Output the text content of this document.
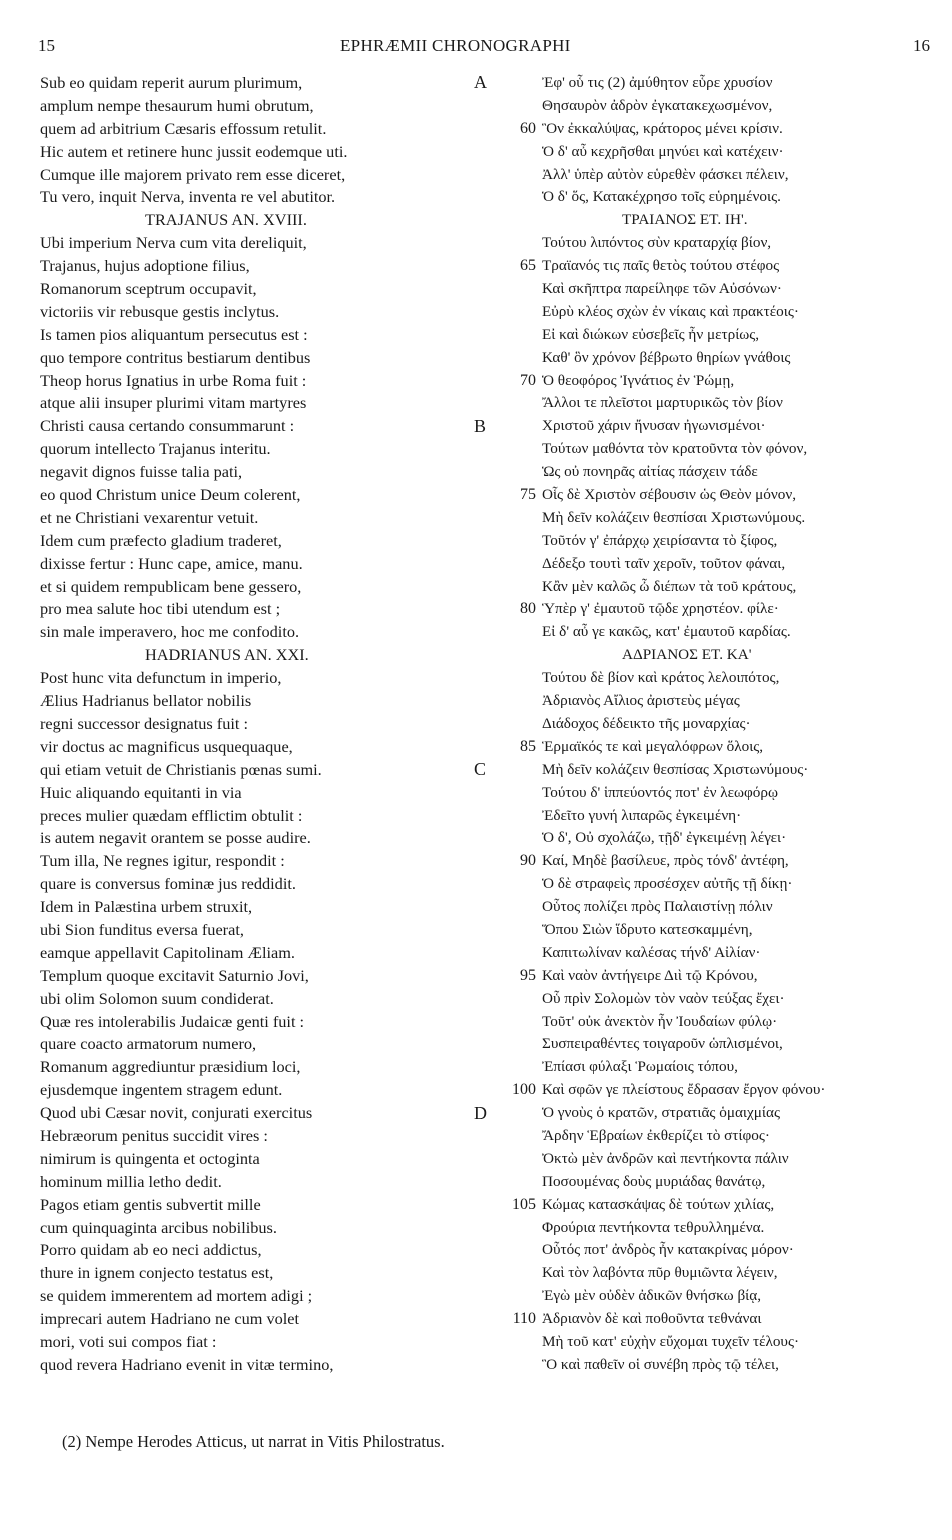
15	EPHRÆMII CHRONOGRAPHI	16
Sub eo quidam reperit aurum plurimum,
amplum nempe thesaurum humi obrutum,
quem ad arbitrium Cæsaris effossum retulit.
Hic autem et retinere hunc jussit eodemque uti.
Cumque ille majorem privato rem esse diceret,
Tu vero, inquit Nerva, inventa re vel abutitor.
TRAJANUS AN. XVIII.
Ubi imperium Nerva cum vita dereliquit,
Trajanus, hujus adoptione filius,
Romanorum sceptrum occupavit,
victoriis vir rebusque gestis inclytus.
Is tamen pios aliquantum persecutus est :
quo tempore contritus bestiarum dentibus
Theop horus Ignatius in urbe Roma fuit :
atque alii insuper plurimi vitam martyres
Christi causa certando consummarunt :
quorum intellecto Trajanus interitu.
negavit dignos fuisse talia pati,
eo quod Christum unice Deum colerent,
et ne Christiani vexarentur vetuit.
Idem cum præfecto gladium traderet,
dixisse fertur : Hunc cape, amice, manu.
et si quidem rempublicam bene gessero,
pro mea salute hoc tibi utendum est ;
sin male imperavero, hoc me confodito.
HADRIANUS AN. XXI.
Post hunc vita defunctum in imperio,
Ælius Hadrianus bellator nobilis
regni successor designatus fuit :
vir doctus ac magnificus usquequaque,
qui etiam vetuit de Christianis pœnas sumi.
Huic aliquando equitanti in via
preces mulier quædam efflictim obtulit :
is autem negavit orantem se posse audire.
Tum illa, Ne regnes igitur, respondit :
quare is conversus fominæ jus reddidit.
Idem in Palæstina urbem struxit,
ubi Sion funditus eversa fuerat,
eamque appellavit Capitolinam Æliam.
Templum quoque excitavit Saturnio Jovi,
ubi olim Solomon suum condiderat.
Quæ res intolerabilis Judaicæ genti fuit :
quare coacto armatorum numero,
Romanum aggrediuntur præsidium loci,
ejusdemque ingentem stragem edunt.
Quod ubi Cæsar novit, conjurati exercitus
Hebræorum penitus succidit vires :
nimirum is quingenta et octoginta
hominum millia letho dedit.
Pagos etiam gentis subvertit mille
cum quinquaginta arcibus nobilibus.
Porro quidam ab eo neci addictus,
thure in ignem conjecto testatus est,
se quidem immerentem ad mortem adigi ;
imprecari autem Hadriano ne cum volet
mori, voti sui compos fiat :
quod revera Hadriano evenit in vitæ termino,
Ἐφ' οὗ τις (2) ἀμύθητον εὗρε χρυσίον
Θησαυρὸν ἀδρὸν ἐγκατακεχωσμένον,
Ὃν ἐκκαλύψας, κράτορος μένει κρίσιν.
60
Ὁ δ' αὖ κεχρῆσθαι μηνύει καὶ κατέχειν·
Ἀλλ' ὑπὲρ αὐτὸν εὑρεθὲν φάσκει πέλειν,
Ὁ δ' ὅς, Κατακέχρησο τοῖς εὑρημένοις.
ΤΡΑΙΑΝΟΣ ΕΤ. ΙΗ'.
Τούτου λιπόντος σὺν κραταρχίᾳ βίον,
Τραϊανός τις παῖς θετὸς τούτου στέφος
65
Καὶ σκῆπτρα παρείληφε τῶν Αὐσόνων·
Εὐρὺ κλέος σχὼν ἐν νίκαις καὶ πρακτέοις·
Εἰ καὶ διώκων εὐσεβεῖς ἦν μετρίως,
Καθ' ὃν χρόνον βέβρωτο θηρίων γνάθοις
Ὁ θεοφόρος Ἰγνάτιος ἐν Ῥώμῃ,
70
Ἄλλοι τε πλεῖστοι μαρτυρικῶς τὸν βίον
Χριστοῦ χάριν ἤνυσαν ἠγωνισμένοι·
Τούτων μαθόντα τὸν κρατοῦντα τὸν φόνον,
Ὡς οὐ πονηρᾶς αἰτίας πάσχειν τάδε
Οἷς δὲ Χριστὸν σέβουσιν ὡς Θεὸν μόνον,
75
Μὴ δεῖν κολάζειν θεσπίσαι Χριστωνύμους.
Τοῦτόν γ' ἐπάρχῳ χειρίσαντα τὸ ξίφος,
Δέδεξο τουτὶ ταῖν χεροῖν, τοῦτον φάναι,
Κἂν μὲν καλῶς ὦ διέπων τὰ τοῦ κράτους,
Ὑπὲρ γ' ἐμαυτοῦ τῷδε χρηστέον. φίλε·
80
Εἰ δ' αὖ γε κακῶς, κατ' ἐμαυτοῦ καρδίας.
ΑΔΡΙΑΝΟΣ ΕΤ. ΚΑ'
Τούτου δὲ βίον καὶ κράτος λελοιπότος,
Ἀδριανὸς Αἴλιος ἀριστεὺς μέγας
Διάδοχος δέδεικτο τῆς μοναρχίας·
Ἑρμαϊκός τε καὶ μεγαλόφρων ὅλοις,
85
Μὴ δεῖν κολάζειν θεσπίσας Χριστωνύμους·
Τούτου δ' ἱππεύοντός ποτ' ἐν λεωφόρῳ
Ἐδεῖτο γυνή λιπαρῶς ἐγκειμένη·
Ὁ δ', Οὐ σχολάζω, τῇδ' ἐγκειμένῃ λέγει·
Καί, Μηδὲ βασίλευε, πρὸς τόνδ' ἀντέφη,
90
Ὁ δὲ στραφεὶς προσέσχεν αὐτῆς τῇ δίκῃ·
Οὗτος πολίζει πρὸς Παλαιστίνῃ πόλιν
Ὅπου Σιὼν ἵδρυτο κατεσκαμμένη,
Καπιτωλίναν καλέσας τήνδ' Αἰλίαν·
Καὶ ναὸν ἀντήγειρε Διὶ τῷ Κρόνου,
95
Οὗ πρὶν Σολομὼν τὸν ναὸν τεύξας ἔχει·
Τοῦτ' οὐκ ἀνεκτὸν ἦν Ἰουδαίων φύλῳ·
Συσπειραθέντες τοιγαροῦν ὡπλισμένοι,
Ἐπίασι φύλαξι Ῥωμαίοις τόπου,
Καὶ σφῶν γε πλείστους ἔδρασαν ἔργον φόνου·
100
Ὁ γνοὺς ὁ κρατῶν, στρατιᾶς ὁμαιχμίας
Ἄρδην Ἑβραίων ἐκθερίζει τὸ στίφος·
Ὀκτὼ μὲν ἀνδρῶν καὶ πεντήκοντα πάλιν
Ποσουμένας δοὺς μυριάδας θανάτῳ,
Κώμας κατασκάψας δὲ τούτων χιλίας,
105
Φρούρια πεντήκοντα τεθρυλλημένα.
Οὗτός ποτ' ἀνδρὸς ἦν κατακρίνας μόρον·
Καὶ τὸν λαβόντα πῦρ θυμιῶντα λέγειν,
Ἐγὼ μὲν οὐδὲν ἀδικῶν θνήσκω βίᾳ,
Ἀδριανὸν δὲ καὶ ποθοῦντα τεθνάναι
110
Μὴ τοῦ κατ' εὐχὴν εὔχομαι τυχεῖν τέλους·
Ὃ καὶ παθεῖν οἱ συνέβη πρὸς τῷ τέλει,
A
B
C
D
(2) Nempe Herodes Atticus, ut narrat in Vitis Philostratus.
